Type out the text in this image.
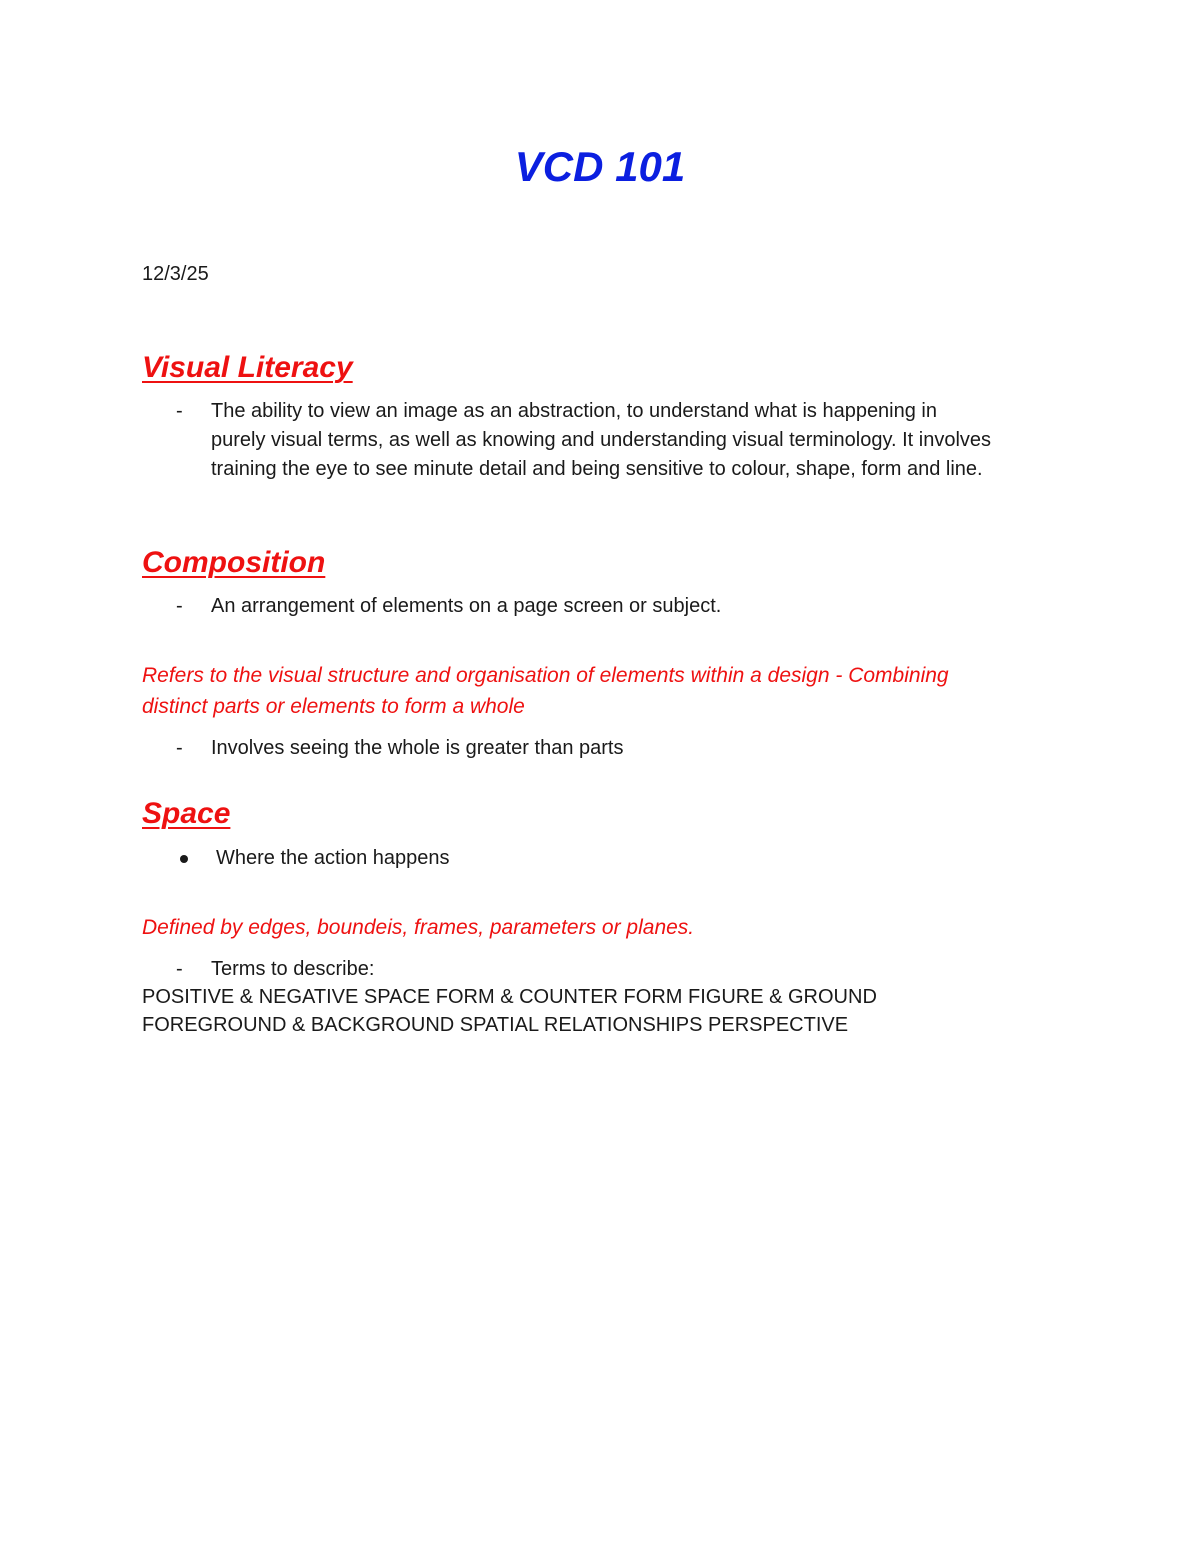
VCD 101
12/3/25
Visual Literacy
-	The ability to view an image as an abstraction, to understand what is happening in
purely visual terms, as well as knowing and understanding visual terminology. It involves
training the eye to see minute detail and being sensitive to colour, shape, form and line.
Composition
-	An arrangement of elements on a page screen or subject.
Refers to the visual structure and organisation of elements within a design - Combining
distinct parts or elements to form a whole
-	Involves seeing the whole is greater than parts
Space
Where the action happens
Defined by edges, boundeis, frames, parameters or planes.
-	Terms to describe:
POSITIVE & NEGATIVE SPACE FORM & COUNTER FORM FIGURE & GROUND
FOREGROUND & BACKGROUND SPATIAL RELATIONSHIPS PERSPECTIVE
